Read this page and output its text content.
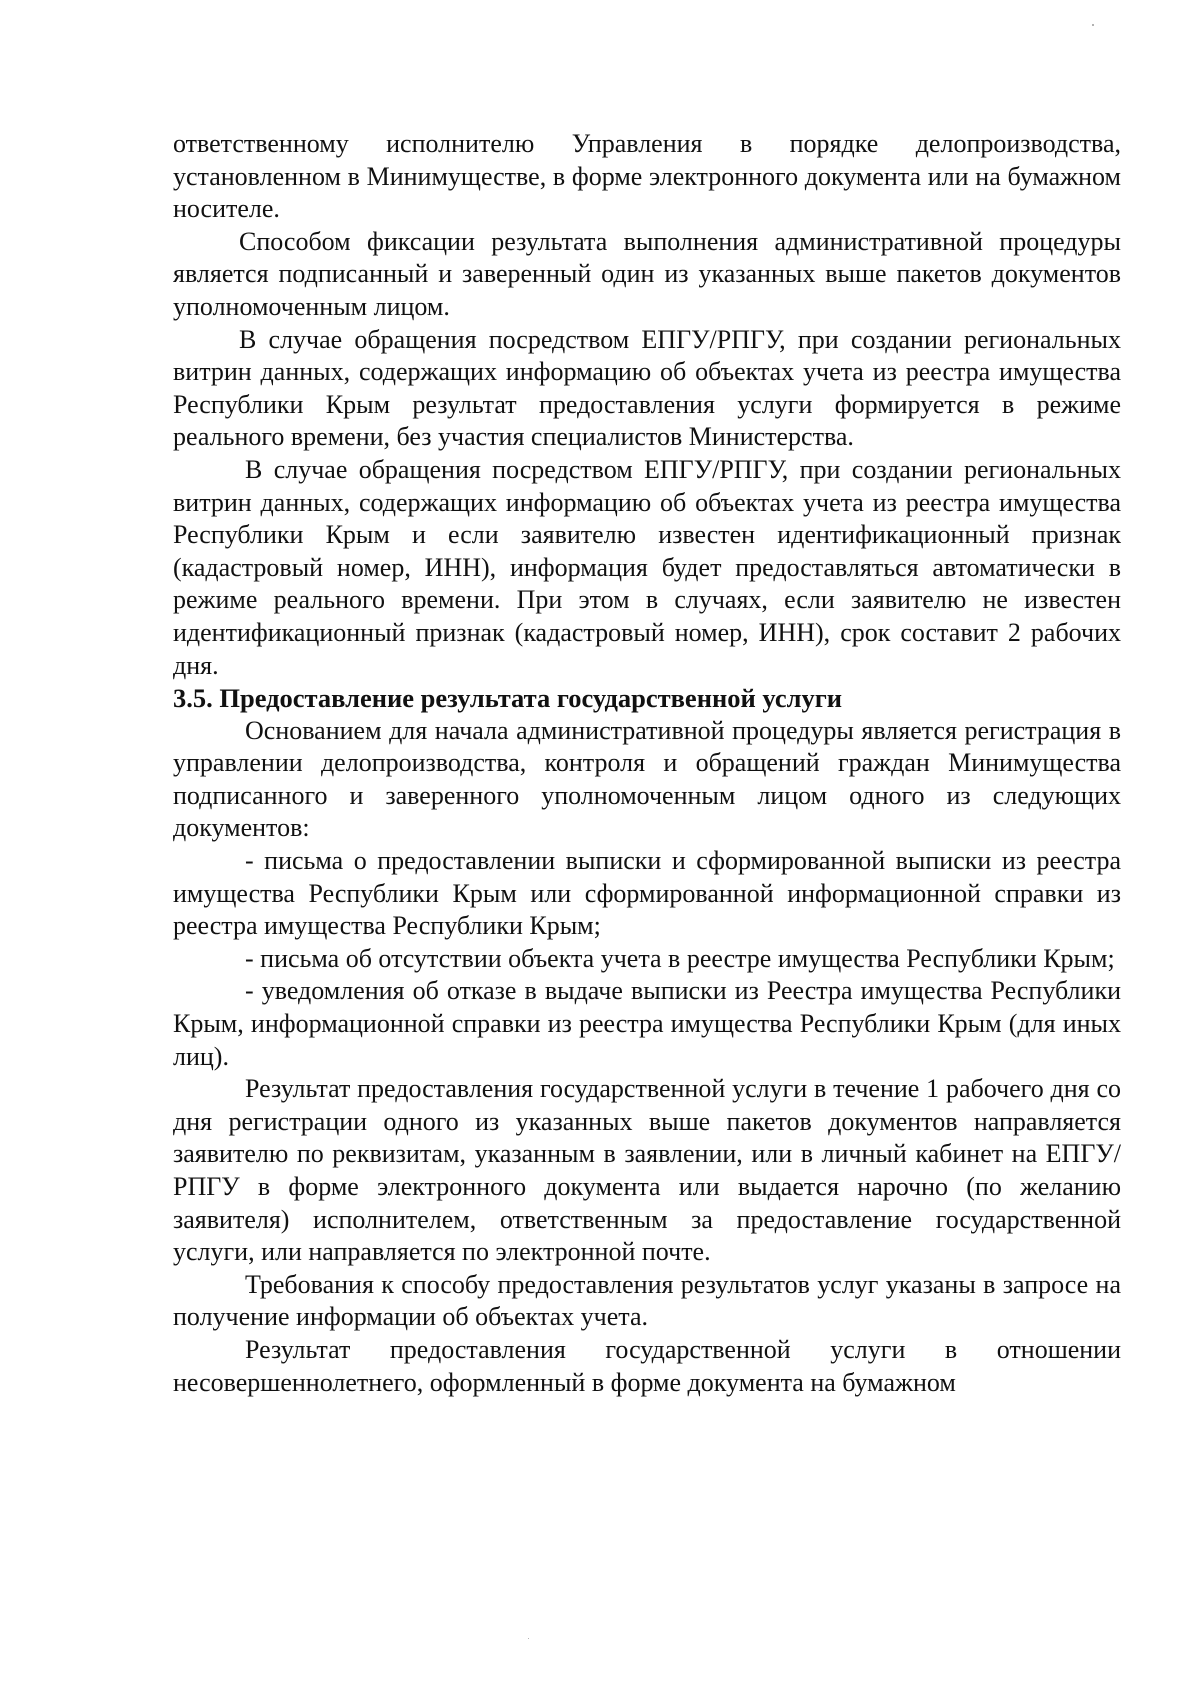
ответственному исполнителю Управления в порядке делопроизводства, установленном в Минимуществе, в форме электронного документа или на бумажном носителе.

Способом фиксации результата выполнения административной процедуры является подписанный и заверенный один из указанных выше пакетов документов уполномоченным лицом.

В случае обращения посредством ЕПГУ/РПГУ, при создании региональных витрин данных, содержащих информацию об объектах учета из реестра имущества Республики Крым результат предоставления услуги формируется в режиме реального времени, без участия специалистов Министерства.

В случае обращения посредством ЕПГУ/РПГУ, при создании региональных витрин данных, содержащих информацию об объектах учета из реестра имущества Республики Крым и если заявителю известен идентификационный признак (кадастровый номер, ИНН), информация будет предоставляться автоматически в режиме реального времени. При этом в случаях, если заявителю не известен идентификационный признак (кадастровый номер, ИНН), срок составит 2 рабочих дня.

3.5. Предоставление результата государственной услуги

Основанием для начала административной процедуры является регистрация в управлении делопроизводства, контроля и обращений граждан Минимущества подписанного и заверенного уполномоченным лицом одного из следующих документов:

- письма о предоставлении выписки и сформированной выписки из реестра имущества Республики Крым или сформированной информационной справки из реестра имущества Республики Крым;

- письма об отсутствии объекта учета в реестре имущества Республики Крым;

- уведомления об отказе в выдаче выписки из Реестра имущества Республики Крым, информационной справки из реестра имущества Республики Крым (для иных лиц).

Результат предоставления государственной услуги в течение 1 рабочего дня со дня регистрации одного из указанных выше пакетов документов направляется заявителю по реквизитам, указанным в заявлении, или в личный кабинет на ЕПГУ/РПГУ в форме электронного документа или выдается нарочно (по желанию заявителя) исполнителем, ответственным за предоставление государственной услуги, или направляется по электронной почте.

Требования к способу предоставления результатов услуг указаны в запросе на получение информации об объектах учета.

Результат предоставления государственной услуги в отношении несовершеннолетнего, оформленный в форме документа на бумажном
